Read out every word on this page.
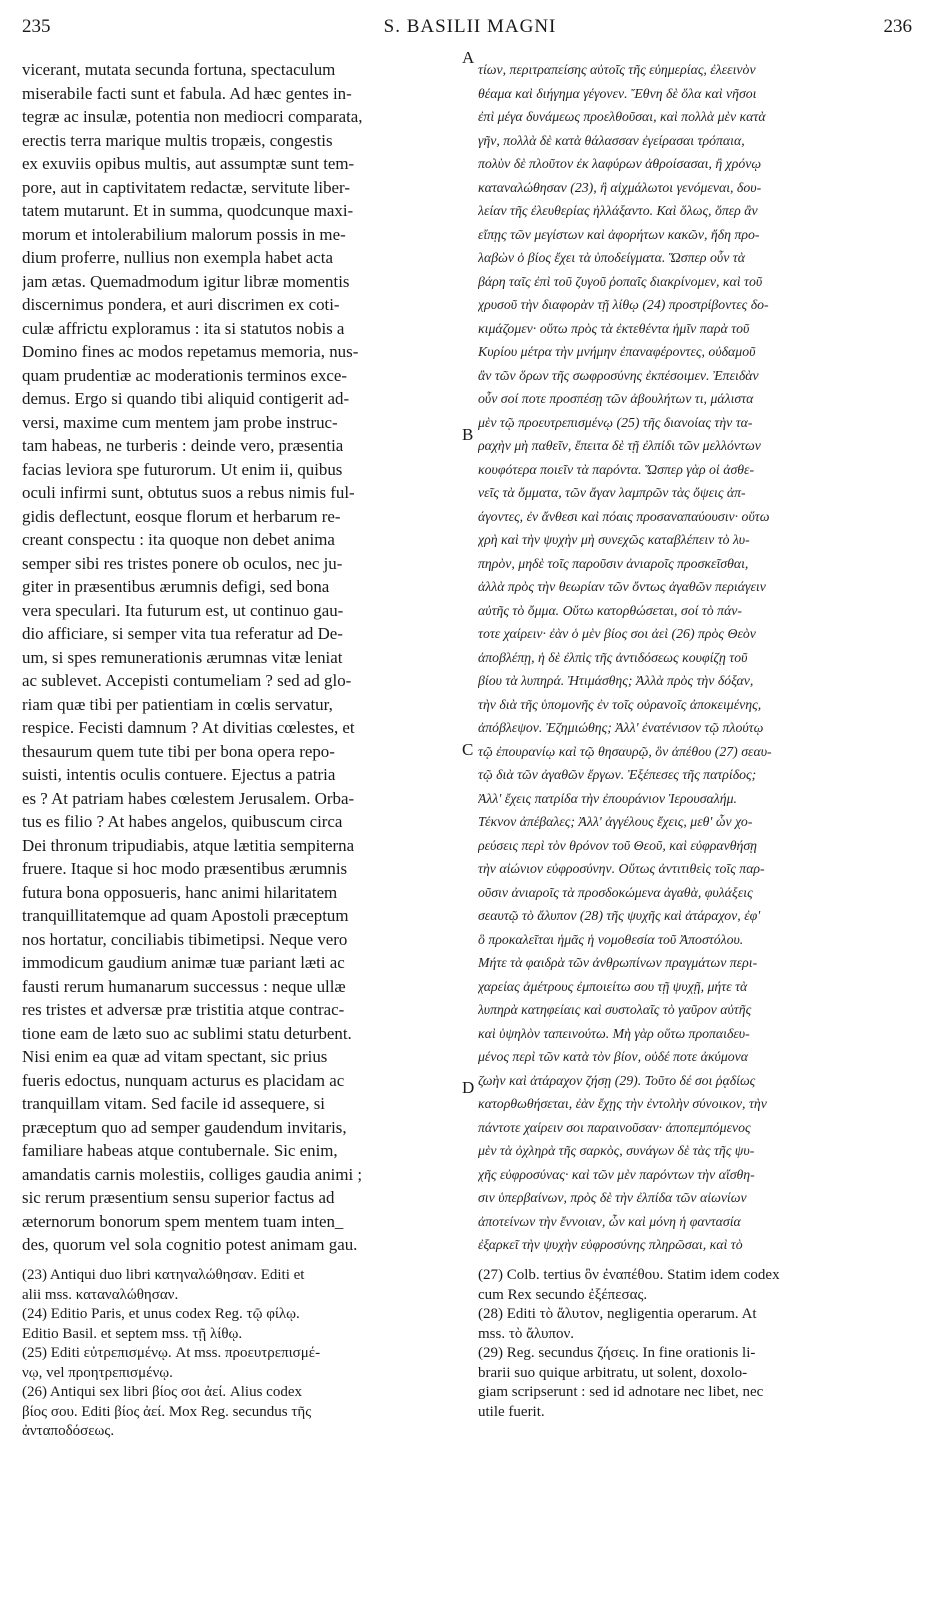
235	S. BASILII MAGNI	236
vicerant, mutata secunda fortuna, spectaculum
miserabile facti sunt et fabula. Ad hæc gentes in-
tegræ ac insulæ, potentia non mediocri comparata,
erectis terra marique multis tropæis, congestis
ex exuviis opibus multis, aut assumptæ sunt tem-
pore, aut in captivitatem redactæ, servitute liber-
tatem mutarunt. Et in summa, quodcunque maxi-
morum et intolerabilium malorum possis in me-
dium proferre, nullius non exempla habet acta
jam ætas. Quemadmodum igitur libræ momentis
discernimus pondera, et auri discrimen ex coti-
culæ affrictu exploramus : ita si statutos nobis a
Domino fines ac modos repetamus memoria, nus-
quam prudentiæ ac moderationis terminos exce-
demus. Ergo si quando tibi aliquid contigerit ad-
versi, maxime cum mentem jam probe instruc-
tam habeas, ne turberis : deinde vero, præsentia
facias leviora spe futurorum. Ut enim ii, quibus
oculi infirmi sunt, obtutus suos a rebus nimis ful-
gidis deflectunt, eosque florum et herbarum re-
creant conspectu : ita quoque non debet anima
semper sibi res tristes ponere ob oculos, nec ju-
giter in præsentibus ærumnis defigi, sed bona
vera speculari. Ita futurum est, ut continuo gau-
dio afficiare, si semper vita tua referatur ad De-
um, si spes remunerationis ærumnas vitæ leniat
ac sublevet. Accepisti contumeliam ? sed ad glo-
riam quæ tibi per patientiam in cœlis servatur,
respice. Fecisti damnum ? At divitias cœlestes, et
thesaurum quem tute tibi per bona opera repo-
suisti, intentis oculis contuere. Ejectus a patria
es ? At patriam habes cœlestem Jerusalem. Orba-
tus es filio ? At habes angelos, quibuscum circa
Dei thronum tripudiabis, atque lætitia sempiterna
fruere. Itaque si hoc modo præsentibus ærumnis
futura bona opposueris, hanc animi hilaritatem
tranquillitatemque ad quam Apostoli præceptum
nos hortatur, conciliabis tibimetipsi. Neque vero
immodicum gaudium animæ tuæ pariant læti ac
fausti rerum humanarum successus : neque ullæ
res tristes et adversæ præ tristitia atque contrac-
tione eam de læto suo ac sublimi statu deturbent.
Nisi enim ea quæ ad vitam spectant, sic prius
fueris edoctus, nunquam acturus es placidam ac
tranquillam vitam. Sed facile id assequere, si
præceptum quo ad semper gaudendum invitaris,
familiare habeas atque contubernale. Sic enim,
amandatis carnis molestiis, colliges gaudia animi ;
sic rerum præsentium sensu superior factus ad
æternorum bonorum spem mentem tuam inten_
des, quorum vel sola cognitio potest animam gau.
τίων, περιτραπείσης αὐτοῖς τῆς εὐημερίας, ἐλεεινὸν
θέαμα καὶ διήγημα γέγονεν. Ἔθνη δὲ ὅλα καὶ νῆσοι
ἐπὶ μέγα δυνάμεως προελθοῦσαι, καὶ πολλὰ μὲν κατὰ
γῆν, πολλὰ δὲ κατὰ θάλασσαν ἐγείρασαι τρόπαια,
πολὺν δὲ πλοῦτον ἐκ λαφύρων ἀθροίσασαι, ἢ χρόνῳ
καταναλώθησαν (23), ἢ αἰχμάλωτοι γενόμεναι, δου-
λείαν τῆς ἐλευθερίας ἠλλάξαντο. Καὶ ὅλως, ὅπερ ἂν
εἴπῃς τῶν μεγίστων καὶ ἀφορήτων κακῶν, ἤδη προ-
λαβὼν ὁ βίος ἔχει τὰ ὑποδείγματα. Ὥσπερ οὖν τὰ
βάρη ταῖς ἐπὶ τοῦ ζυγοῦ ῥοπαῖς διακρίνομεν, καὶ τοῦ
χρυσοῦ τὴν διαφορὰν τῇ λίθῳ (24) προστρίβοντες δο-
κιμάζομεν· οὕτω πρὸς τὰ ἐκτεθέντα ἡμῖν παρὰ τοῦ
Κυρίου μέτρα τὴν μνήμην ἐπαναφέροντες, οὐδαμοῦ
ἂν τῶν ὅρων τῆς σωφροσύνης ἐκπέσοιμεν. Ἐπειδὰν
οὖν σοί ποτε προσπέσῃ τῶν ἀβουλήτων τι, μάλιστα
μὲν τῷ προευτρεπισμένῳ (25) τῆς διανοίας τὴν τα-
ραχὴν μὴ παθεῖν, ἔπειτα δὲ τῇ ἐλπίδι τῶν μελλόντων
κουφότερα ποιεῖν τὰ παρόντα. Ὥσπερ γὰρ οἱ ἀσθε-
νεῖς τὰ ὄμματα, τῶν ἄγαν λαμπρῶν τὰς ὄψεις ἀπ-
άγοντες, ἐν ἄνθεσι καὶ πόαις προσαναπαύουσιν· οὕτω
χρὴ καὶ τὴν ψυχὴν μὴ συνεχῶς καταβλέπειν τὸ λυ-
πηρὸν, μηδὲ τοῖς παροῦσιν ἀνιαροῖς προσκεῖσθαι,
ἀλλὰ πρὸς τὴν θεωρίαν τῶν ὄντως ἀγαθῶν περιάγειν
αὐτῆς τὸ ὄμμα. Οὕτω κατορθώσεται, σοί τὸ πάν-
τοτε χαίρειν· ἐὰν ὁ μὲν βίος σοι ἀεὶ (26) πρὸς Θεὸν
ἀποβλέπῃ, ἡ δὲ ἐλπὶς τῆς ἀντιδόσεως κουφίζῃ τοῦ
βίου τὰ λυπηρά. Ἠτιμάσθης; Ἀλλὰ πρὸς τὴν δόξαν,
τὴν διὰ τῆς ὑπομονῆς ἐν τοῖς οὐρανοῖς ἀποκειμένης,
ἀπόβλεψον. Ἐζημιώθης; Ἀλλ' ἐνατένισον τῷ πλούτῳ
τῷ ἐπουρανίῳ καὶ τῷ θησαυρῷ, ὃν ἀπέθου (27) σεαυ-
τῷ διὰ τῶν ἀγαθῶν ἔργων. Ἐξέπεσες τῆς πατρίδος;
Ἀλλ' ἔχεις πατρίδα τὴν ἐπουράνιον Ἱερουσαλήμ.
Τέκνον ἀπέβαλες; Ἀλλ' ἀγγέλους ἔχεις, μεθ' ὧν χο-
ρεύσεις περὶ τὸν θρόνον τοῦ Θεοῦ, καὶ εὐφρανθήσῃ
τὴν αἰώνιον εὐφροσύνην. Οὕτως ἀντιτιθεὶς τοῖς παρ-
οῦσιν ἀνιαροῖς τὰ προσδοκώμενα ἀγαθὰ, φυλάξεις
σεαυτῷ τὸ ἄλυπον (28) τῆς ψυχῆς καὶ ἀτάραχον, ἐφ'
ὃ προκαλεῖται ἡμᾶς ἡ νομοθεσία τοῦ Ἀποστόλου.
Μήτε τὰ φαιδρὰ τῶν ἀνθρωπίνων πραγμάτων περι-
χαρείας ἀμέτρους ἐμποιείτω σου τῇ ψυχῇ, μήτε τὰ
λυπηρὰ κατηφείαις καὶ συστολαῖς τὸ γαῦρον αὐτῆς
καὶ ὑψηλὸν ταπεινούτω. Μὴ γὰρ οὕτω προπαιδευ-
μένος περὶ τῶν κατὰ τὸν βίον, οὐδέ ποτε ἀκύμονα
ζωὴν καὶ ἀτάραχον ζήσῃ (29). Τοῦτο δέ σοι ῥᾳδίως
κατορθωθήσεται, ἐὰν ἔχῃς τὴν ἐντολὴν σύνοικον, τὴν
πάντοτε χαίρειν σοι παραινοῦσαν· ἀποπεμπόμενος
μὲν τὰ ὀχληρὰ τῆς σαρκὸς, συνάγων δὲ τὰς τῆς ψυ-
χῆς εὐφροσύνας· καὶ τῶν μὲν παρόντων τὴν αἴσθη-
σιν ὑπερβαίνων, πρὸς δὲ τὴν ἐλπίδα τῶν αἰωνίων
ἀποτείνων τὴν ἔννοιαν, ὧν καὶ μόνη ἡ φαντασία
ἐξαρκεῖ τὴν ψυχὴν εὐφροσύνης πληρῶσαι, καὶ τὸ
A
B
C
D
(23) Antiqui duo libri κατηναλώθησαν. Editi et
alii mss. καταναλώθησαν.
(24) Editio Paris, et unus codex Reg. τῷ φίλῳ.
Editio Basil. et septem mss. τῇ λίθῳ.
(25) Editi εὐτρεπισμένῳ. At mss. προευτρεπισμέ-
νῳ, vel προητρεπισμένῳ.
(26) Antiqui sex libri βίος σοι ἀεί. Alius codex
βίος σου. Editi βίος ἀεί. Mox Reg. secundus τῆς
ἀνταποδόσεως.
(27) Colb. tertius ὃν ἐναπέθου. Statim idem codex
cum Rex secundo ἐξέπεσας.
(28) Editi τὸ ἄλυτον, negligentia operarum. At
mss. τὸ ἄλυπον.
(29) Reg. secundus ζήσεις. In fine orationis li-
brarii suo quique arbitratu, ut solent, doxolo-
giam scripserunt : sed id adnotare nec libet, nec
utile fuerit.
